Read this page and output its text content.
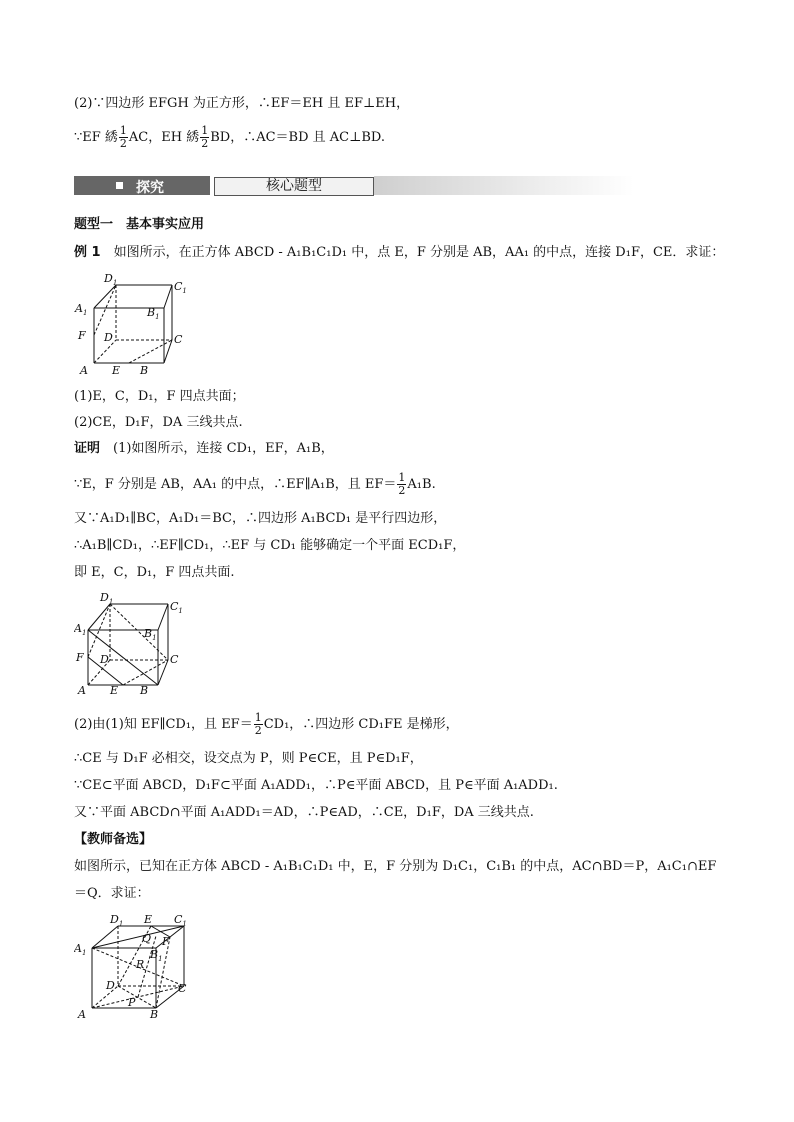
(2)∵四边形 EFGH 为正方形，∴EF＝EH 且 EF⊥EH，
∵EF 綉 $\frac{1}{2}$ AC，EH 綉 $\frac{1}{2}$ BD，∴AC＝BD 且 AC⊥BD.
探究	核心题型
题型一　基本事实应用
例 1　如图所示，在正方体 ABCD - A₁B₁C₁D₁ 中，点 E，F 分别是 AB，AA₁ 的中点，连接 D₁F，CE．求证：
$D_1$	$C_1$
$A_1$	$B_1$
F D	C
A E B
(1)E，C，D₁，F 四点共面；
(2)CE，D₁F，DA 三线共点.
证明　(1)如图所示，连接 CD₁，EF，A₁B，
∵E，F 分别是 AB，AA₁ 的中点，∴EF∥A₁B，且 $EF= \frac{1}{2} A_1B$.
又∵A₁D₁∥BC，A₁D₁＝BC，∴四边形 A₁BCD₁ 是平行四边形，
∴A₁B∥CD₁，∴EF∥CD₁，∴EF 与 CD₁ 能够确定一个平面 ECD₁F，
即 E，C，D₁，F 四点共面.
$D_1$	$C_1$
$A_1$	$B_1$
F D	C
A E B
(2)由(1)知 EF∥CD₁，且 $EF= \frac{1}{2} CD_1$，∴四边形 CD₁FE 是梯形，
∴CE 与 D₁F 必相交，设交点为 P，则 P∈CE，且 P∈D₁F，
∵CE⊂平面 ABCD，D₁F⊂平面 A₁ADD₁，∴P∈平面 ABCD，且 P∈平面 A₁ADD₁.
又∵平面 ABCD∩平面 A₁ADD₁＝AD，∴P∈AD，∴CE，D₁F，DA 三线共点.
【教师备选】
如图所示，已知在正方体 ABCD - A₁B₁C₁D₁ 中，E，F 分别为 D₁C₁，C₁B₁ 的中点，AC∩BD＝P，A₁C₁∩EF
＝Q．求证：
$D_1$ E $C_1$
$A_1$
Q F
$B_1$
R
D	C
P
A	B
